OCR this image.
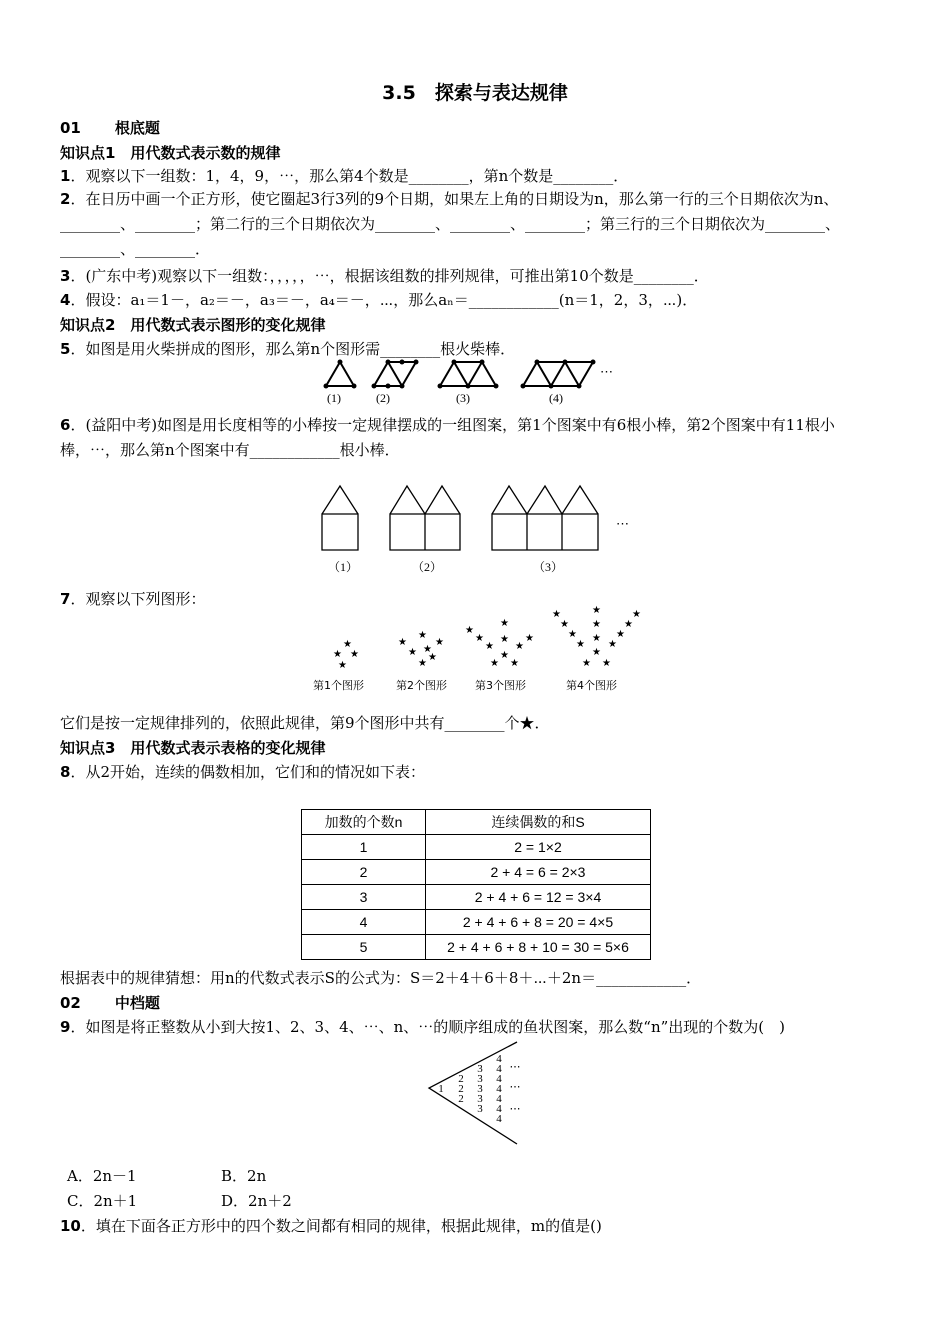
3.5　探索与表达规律
01 根底题
知识点1　用代数式表示数的规律
1．观察以下一组数：1，4，9，⋯，那么第4个数是________，第n个数是________．
2．在日历中画一个正方形，使它圈起3行3列的9个日期，如果左上角的日期设为n，那么第一行的三个日期依次为n、________、________；第二行的三个日期依次为________、________、________；第三行的三个日期依次为________、________、________．
3．(广东中考)观察以下一组数：，，，，，⋯，根据该组数的排列规律，可推出第10个数是________．
4．假设：a₁＝1－，a₂＝－，a₃＝－，a₄＝－，⋯，那么aₙ＝____________(n＝1，2，3，⋯)．
知识点2　用代数式表示图形的变化规律
5．如图是用火柴拼成的图形，那么第n个图形需________根火柴棒．
⋯
(1)	(2)	(3)	(4)
6．(益阳中考)如图是用长度相等的小棒按一定规律摆成的一组图案，第1个图案中有6根小棒，第2个图案中有11根小棒，⋯，那么第n个图案中有____________根小棒．
⋯
（1）	（2）	（3）
7．观察以下列图形：
★
★
★
★
★
★
★
★
★
★
★
★
★
★
★
★
★
★
★
★ ★
★
★
★
★
★
★
★
★
★
★
★
★
★ ★
第1个图形	第2个图形	第3个图形	第4个图形
它们是按一定规律排列的，依照此规律，第9个图形中共有________个★．
知识点3　用代数式表示表格的变化规律
8．从2开始，连续的偶数相加，它们和的情况如下表：
加数的个数n	连续偶数的和S
1	2 = 1×2
2	2 + 4 = 6 = 2×3
3	2 + 4 + 6 = 12 = 3×4
4	2 + 4 + 6 + 8 = 20 = 4×5
5	2 + 4 + 6 + 8 + 10 = 30 = 5×6
根据表中的规律猜想：用n的代数式表示S的公式为：S＝2＋4＋6＋8＋⋯＋2n＝____________．
02 中档题
9．如图是将正整数从小到大按1、2、3、4、⋯、n、⋯的顺序组成的鱼状图案，那么数“n”出现的个数为(　)
1
2
2
2
3
3
3
3
3
4
4
4
4
4
4
4
⋯
⋯
⋯
A．2n－1	B．2n
C．2n＋1	D．2n＋2
10．填在下面各正方形中的四个数之间都有相同的规律，根据此规律，m的值是()
